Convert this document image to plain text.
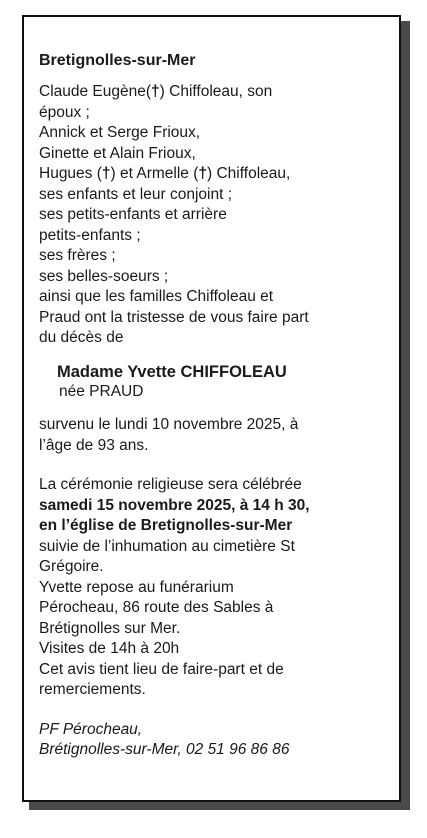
Bretignolles-sur-Mer
Claude Eugène(†) Chiffoleau, son
époux ;
Annick et Serge Frioux,
Ginette et Alain Frioux,
Hugues (†) et Armelle (†) Chiffoleau,
ses enfants et leur conjoint ;
ses petits-enfants et arrière
petits-enfants ;
ses frères ;
ses belles-soeurs ;
ainsi que les familles Chiffoleau et
Praud ont la tristesse de vous faire part
du décès de
Madame Yvette CHIFFOLEAU
née PRAUD
survenu le lundi 10 novembre 2025, à
l’âge de 93 ans.
La cérémonie religieuse sera célébrée
samedi 15 novembre 2025, à 14 h 30,
en l’église de Bretignolles-sur-Mer
suivie de l’inhumation au cimetière St
Grégoire.
Yvette repose au funérarium
Pérocheau, 86 route des Sables à
Brétignolles sur Mer.
Visites de 14h à 20h
Cet avis tient lieu de faire-part et de
remerciements.
PF Pérocheau,
Brétignolles-sur-Mer, 02 51 96 86 86
